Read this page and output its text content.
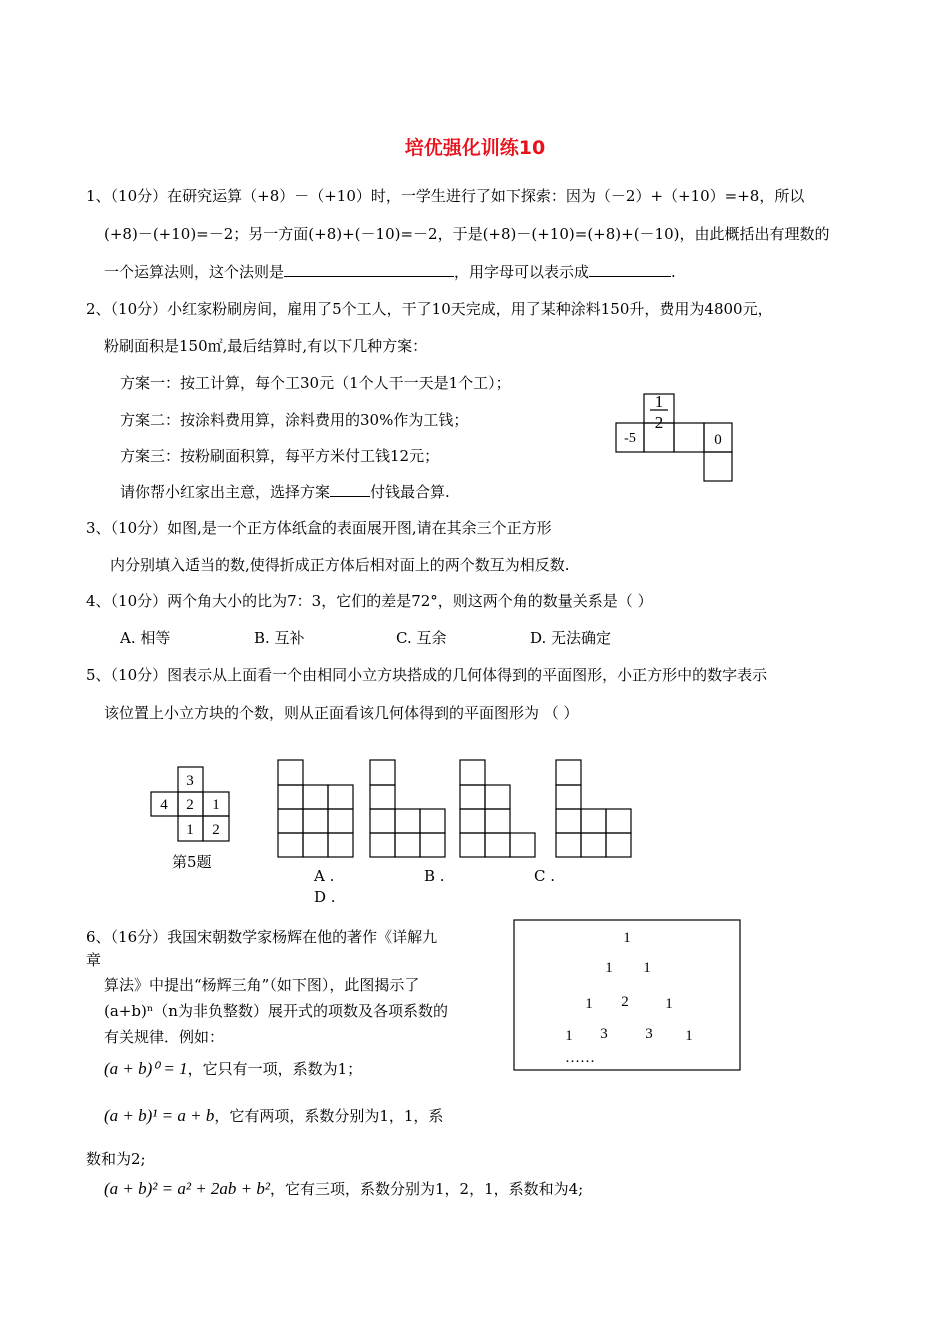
培优强化训练10
1、（10分）在研究运算（+8）－（+10）时，一学生进行了如下探索：因为（－2）+（+10）=+8，所以
(+8)－(+10)=－2；另一方面(+8)+(－10)=－2，于是(+8)－(+10)=(+8)+(－10)，由此概括出有理数的
一个运算法则，这个法则是	，用字母可以表示成	.
2、（10分）小红家粉刷房间，雇用了5个工人，干了10天完成，用了某种涂料150升，费用为4800元，
粉刷面积是150㎡,最后结算时,有以下几种方案：
方案一：按工计算，每个工30元（1个人干一天是1个工）；
方案二：按涂料费用算，涂料费用的30%作为工钱；
方案三：按粉刷面积算，每平方米付工钱12元；
请你帮小红家出主意，选择方案	付钱最合算.
1
2
-5	0
3、（10分）如图,是一个正方体纸盒的表面展开图,请在其余三个正方形
内分别填入适当的数,使得折成正方体后相对面上的两个数互为相反数.
4、（10分）两个角大小的比为7：3，它们的差是72°，则这两个角的数量关系是（ ）
A. 相等	B. 互补	C. 互余	D. 无法确定
5、（10分）图表示从上面看一个由相同小立方块搭成的几何体得到的平面图形，小正方形中的数字表示
该位置上小立方块的个数，则从正面看该几何体得到的平面图形为 （ ）
3
4 2 1
1 2
第5题
A .	B .	C .
D .
6、（16分）我国宋朝数学家杨辉在他的著作《详解九
章
算法》中提出“杨辉三角”（如下图），此图揭示了
(a+b)ⁿ（n为非负整数）展开式的项数及各项系数的
有关规律．例如：
1
1 1
1 2 1
1 3	3 1
……
(a + b)⁰ = 1，它只有一项，系数为1；
(a + b)¹ = a + b，它有两项，系数分别为1，1，系
数和为2;
(a + b)² = a² + 2ab + b²，它有三项，系数分别为1，2，1，系数和为4;
